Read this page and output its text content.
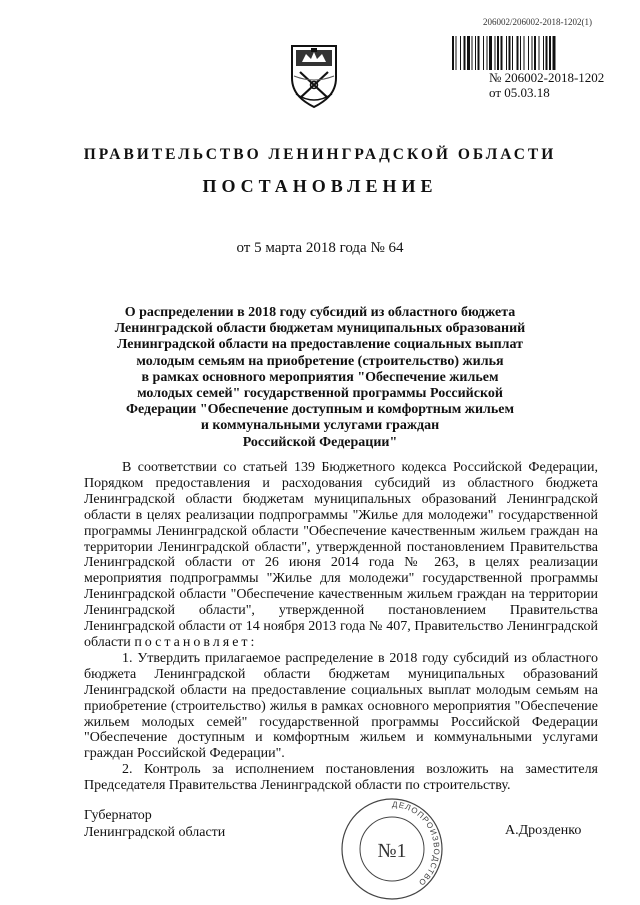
206002/206002-2018-1202(1)
№ 206002-2018-1202
от 05.03.18
ПРАВИТЕЛЬСТВО ЛЕНИНГРАДСКОЙ ОБЛАСТИ
ПОСТАНОВЛЕНИЕ
от 5 марта 2018 года № 64
О распределении в 2018 году субсидий из областного бюджета
Ленинградской области бюджетам муниципальных образований
Ленинградской области на предоставление социальных выплат
молодым семьям на приобретение (строительство) жилья
в рамках основного мероприятия "Обеспечение жильем
молодых семей" государственной программы Российской
Федерации "Обеспечение доступным и комфортным жильем
и коммунальными услугами граждан
Российской Федерации"

В соответствии со статьей 139 Бюджетного кодекса Российской Федерации, Порядком предоставления и расходования субсидий из областного бюджета Ленинградской области бюджетам муниципальных образований Ленинградской области в целях реализации подпрограммы "Жилье для молодежи" государственной программы Ленинградской области "Обеспечение качественным жильем граждан на территории Ленинградской области", утвержденной постановлением Правительства Ленинградской области от 26 июня 2014 года № 263, в целях реализации мероприятия подпрограммы "Жилье для молодежи" государственной программы Ленинградской области "Обеспечение качественным жильем граждан на территории Ленинградской области", утвержденной постановлением Правительства Ленинградской области от 14 ноября 2013 года № 407, Правительство Ленинградской области постановляет:

1. Утвердить прилагаемое распределение в 2018 году субсидий из областного бюджета Ленинградской области бюджетам муниципальных образований Ленинградской области на предоставление социальных выплат молодым семьям на приобретение (строительство) жилья в рамках основного мероприятия "Обеспечение жильем молодых семей" государственной программы Российской Федерации "Обеспечение доступным и комфортным жильем и коммунальными услугами граждан Российской Федерации".

2. Контроль за исполнением постановления возложить на заместителя Председателя Правительства Ленинградской области по строительству.

Губернатор
Ленинградской области	А.Дрозденко
ДЕЛОПРОИЗВОДСТВО
№1
